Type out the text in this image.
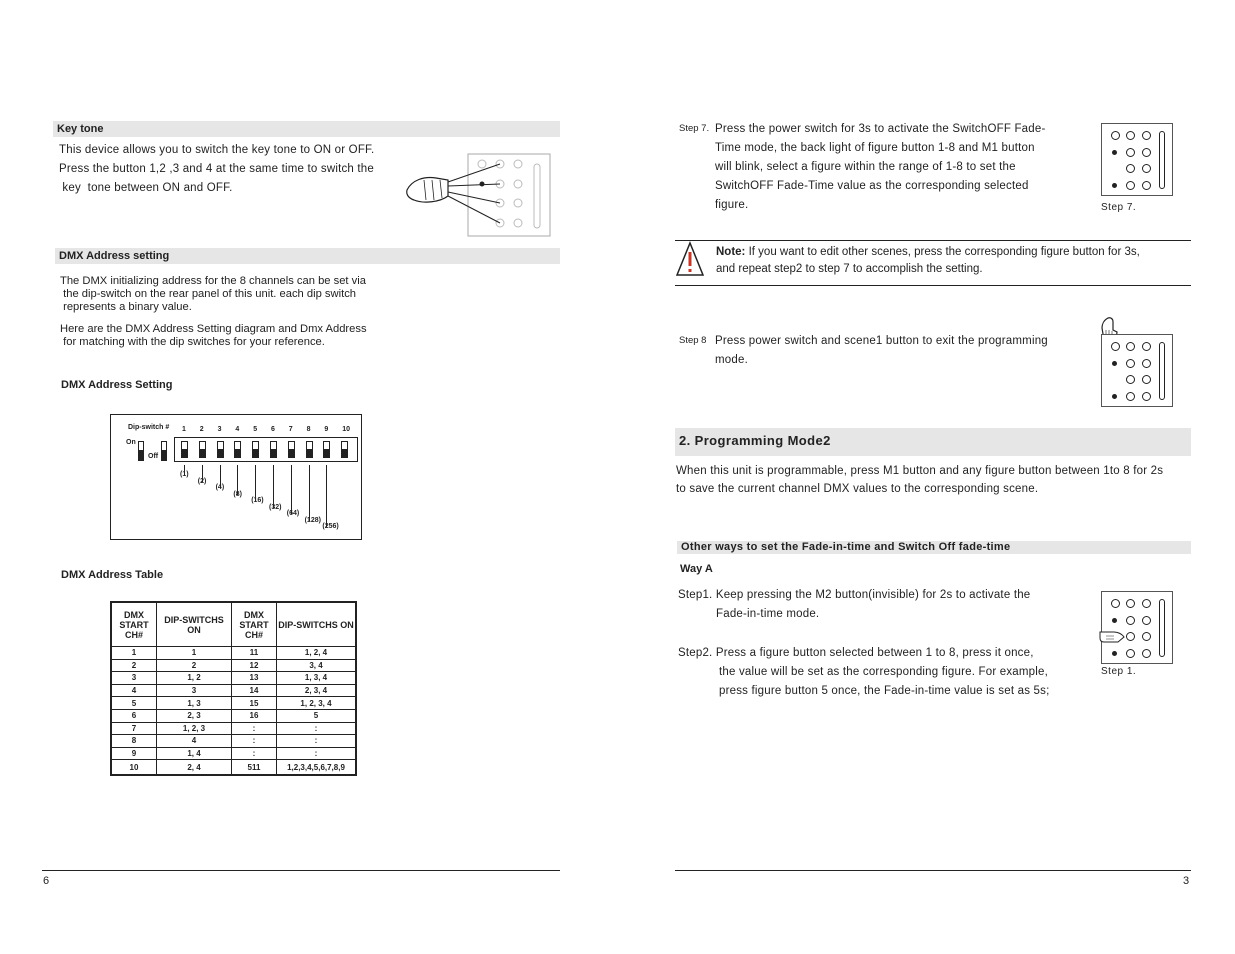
Key tone
This device allows you to switch the key tone to ON or OFF.
Press the button 1,2 ,3 and 4 at the same time to switch the
key  tone between ON and OFF.
DMX Address setting
The DMX initializing address for the 8 channels can be set via
the dip-switch on the rear panel of this unit. each dip switch
represents a binary value.
Here are the DMX Address Setting diagram and Dmx Address
for matching with the dip switches for your reference.
DMX Address Setting
Dip-switch # 1 2 3 4 5 6 7 8 9 10
On
Off
(1)
(2)
(4)
(8)
(16)
(32)
(64)
(128)
(256)
DMX Address Table
DMX START CH#	DIP-SWITCHS ON	DMX START CH#	DIP-SWITCHS ON
1	1	11	1, 2, 4
2	2	12	3, 4
3	1, 2	13	1, 3, 4
4	3	14	2, 3, 4
5	1, 3	15	1, 2, 3, 4
6	2, 3	16	5
7	1, 2, 3	:	:
8	4	:	:
9	1, 4	:	:
10	2, 4	511	1,2,3,4,5,6,7,8,9
6
Step 7. Press the power switch for 3s to activate the SwitchOFF Fade-
Time mode, the back light of figure button 1-8 and M1 button
will blink, select a figure within the range of 1-8 to set the
SwitchOFF Fade-Time value as the corresponding selected
figure.	Step 7.
Note: If you want to edit other scenes, press the corresponding figure button for 3s,
and repeat step2 to step 7 to accomplish the setting.
Step 8 Press power switch and scene1 button to exit the programming
mode.
2. Programming Mode2
When this unit is programmable, press M1 button and any figure button between 1to 8 for 2s
to save the current channel DMX values to the corresponding scene.
Other ways to set the Fade-in-time and Switch Off fade-time
Way A
Step1. Keep pressing the M2 button(invisible) for 2s to activate the
Fade-in-time mode.
Step2. Press a figure button selected between 1 to 8, press it once,
the value will be set as the corresponding figure. For example,
press figure button 5 once, the Fade-in-time value is set as 5s;
Step 1.
3
